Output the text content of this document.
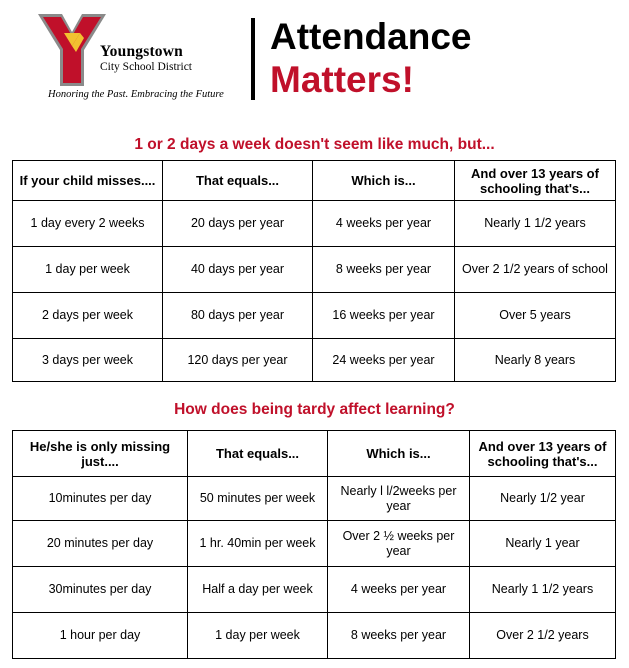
Youngstown
City School District
Honoring the Past. Embracing the Future
Attendance
Matters!
1 or 2 days a week doesn't seem like much, but...
If your child misses....	That equals...	Which is...	And over 13 years of schooling that's...
1 day every 2 weeks	20 days per year	4 weeks per year	Nearly 1 1/2 years
1 day per week	40 days per year	8 weeks per year	Over 2 1/2 years of school
2 days per week	80 days per year	16 weeks per year	Over 5 years
3 days per week	120 days per year	24 weeks per year	Nearly 8 years
How does being tardy affect learning?
He/she is only missing just....	That equals...	Which is...	And over 13 years of schooling that's...
10minutes per day	50 minutes per week	Nearly l l/2weeks per year	Nearly 1/2 year
20 minutes per day	1 hr. 40min per week	Over 2 ½ weeks per year	Nearly 1 year
30minutes per day	Half a day per week	4 weeks per year	Nearly 1 1/2 years
1 hour per day	1 day per week	8 weeks per year	Over 2 1/2 years
